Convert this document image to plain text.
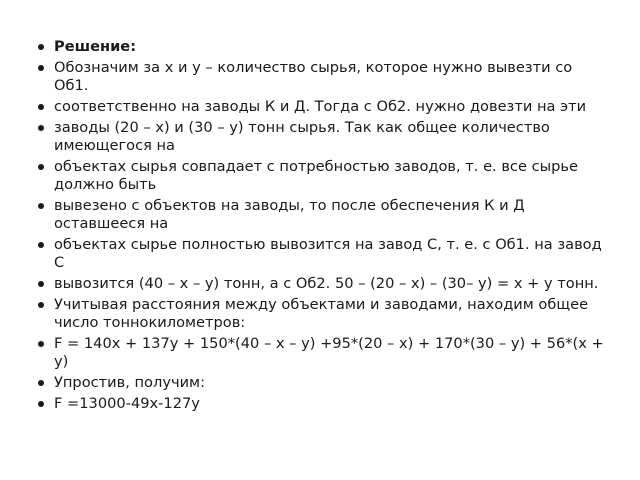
Решение:
Обозначим за х и у – количество сырья, которое нужно вывезти со Об1.
соответственно на заводы К и Д. Тогда с Об2. нужно довезти на эти
заводы (20 – х) и (30 – у) тонн сырья. Так как общее количество имеющегося на
объектах сырья совпадает с потребностью заводов, т. е. все сырье должно быть
вывезено с объектов на заводы, то после обеспечения К и Д оставшееся на
объектах сырье полностью вывозится на завод С, т. е. с Об1. на завод С
вывозится (40 – х – у) тонн, а с Об2. 50 – (20 – х) – (30– у) = х + у тонн.
Учитывая расстояния между объектами и заводами, находим общее число тоннокилометров:
F = 140х + 137у + 150*(40 – х – у) +95*(20 – х) + 170*(30 – у) + 56*(х + у)
Упростив, получим:
F =13000-49х-127у
